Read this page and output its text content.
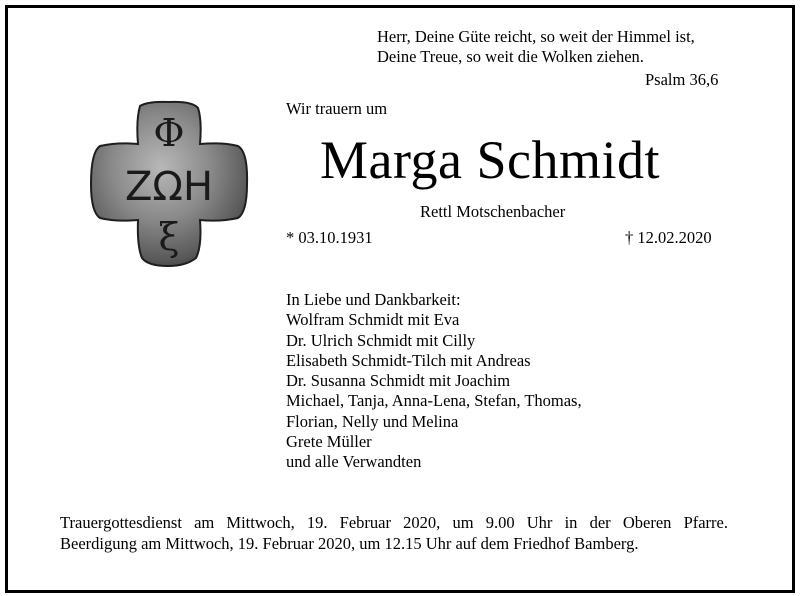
Herr, Deine Güte reicht, so weit der Himmel ist,
Deine Treue, so weit die Wolken ziehen.
Psalm 36,6
Φ
ΖΩΗ
ξ
Wir trauern um
Marga Schmidt
Rettl Motschenbacher
* 03.10.1931	† 12.02.2020
In Liebe und Dankbarkeit:
Wolfram Schmidt mit Eva
Dr. Ulrich Schmidt mit Cilly
Elisabeth Schmidt-Tilch mit Andreas
Dr. Susanna Schmidt mit Joachim
Michael, Tanja, Anna-Lena, Stefan, Thomas,
Florian, Nelly und Melina
Grete Müller
und alle Verwandten
Trauergottesdienst am Mittwoch, 19. Februar 2020, um 9.00 Uhr in der Oberen Pfarre.
Beerdigung am Mittwoch, 19. Februar 2020, um 12.15 Uhr auf dem Friedhof Bamberg.
